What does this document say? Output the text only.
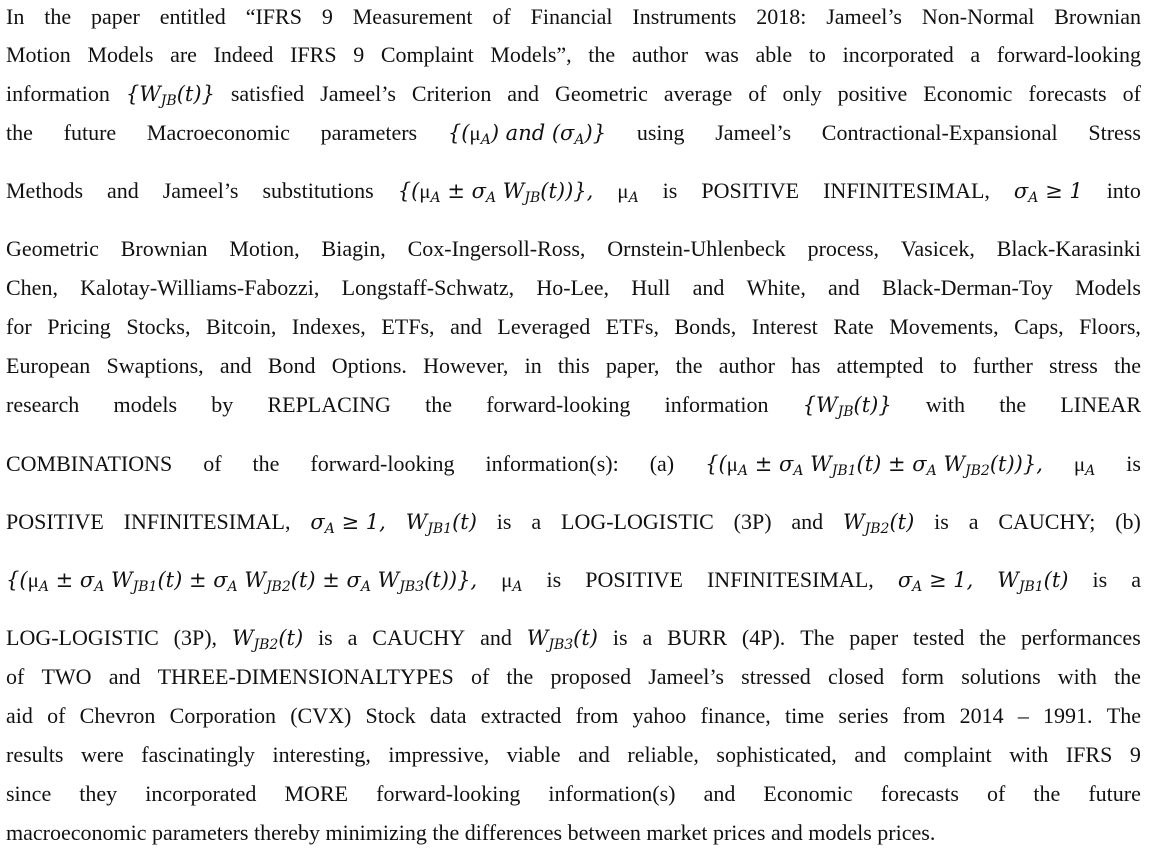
In the paper entitled “IFRS 9 Measurement of Financial Instruments 2018: Jameel’s Non-Normal Brownian
Motion Models are Indeed IFRS 9 Complaint Models”, the author was able to incorporated a forward-looking
information $\{W_{JB}(t)\}$ satisfied Jameel’s Criterion and Geometric average of only positive Economic forecasts of
the future Macroeconomic parameters {$(\mu_A)$ and $(\sigma_A)$} using Jameel’s Contractional-Expansional Stress
Methods and Jameel’s substitutions {($\mu_A \pm \sigma_A$ $W_{JB}(t)$)}, $\mu_A$ is POSITIVE INFINITESIMAL, $\sigma_A \ge 1$ into
Geometric Brownian Motion, Biagin, Cox-Ingersoll-Ross, Ornstein-Uhlenbeck process, Vasicek, Black-Karasinki
Chen, Kalotay-Williams-Fabozzi, Longstaff-Schwatz, Ho-Lee, Hull and White, and Black-Derman-Toy Models
for Pricing Stocks, Bitcoin, Indexes, ETFs, and Leveraged ETFs, Bonds, Interest Rate Movements, Caps, Floors,
European Swaptions, and Bond Options. However, in this paper, the author has attempted to further stress the
research models by REPLACING the forward-looking information $\{W_{JB}(t)\}$ with the LINEAR
COMBINATIONS of the forward-looking information(s): (a) {($\mu_A \pm \sigma_A$ $W_{JB1}(t) \pm \sigma_A$ $W_{JB2}(t)$)}, $\mu_A$ is
POSITIVE INFINITESIMAL, $\sigma_A \ge 1$, $W_{JB1}(t)$ is a LOG-LOGISTIC (3P) and $W_{JB2}(t)$ is a CAUCHY; (b)
{($\mu_A \pm \sigma_A$ $W_{JB1}(t) \pm \sigma_A$ $W_{JB2}(t) \pm \sigma_A$ $W_{JB3}(t)$)}, $\mu_A$ is POSITIVE INFINITESIMAL, $\sigma_A \ge 1$, $W_{JB1}(t)$ is a
LOG-LOGISTIC (3P), $W_{JB2}(t)$ is a CAUCHY and $W_{JB3}(t)$ is a BURR (4P). The paper tested the performances
of TWO and THREE-DIMENSIONALTYPES of the proposed Jameel’s stressed closed form solutions with the
aid of Chevron Corporation (CVX) Stock data extracted from yahoo finance, time series from 2014 – 1991. The
results were fascinatingly interesting, impressive, viable and reliable, sophisticated, and complaint with IFRS 9
since they incorporated MORE forward-looking information(s) and Economic forecasts of the future
macroeconomic parameters thereby minimizing the differences between market prices and models prices.
